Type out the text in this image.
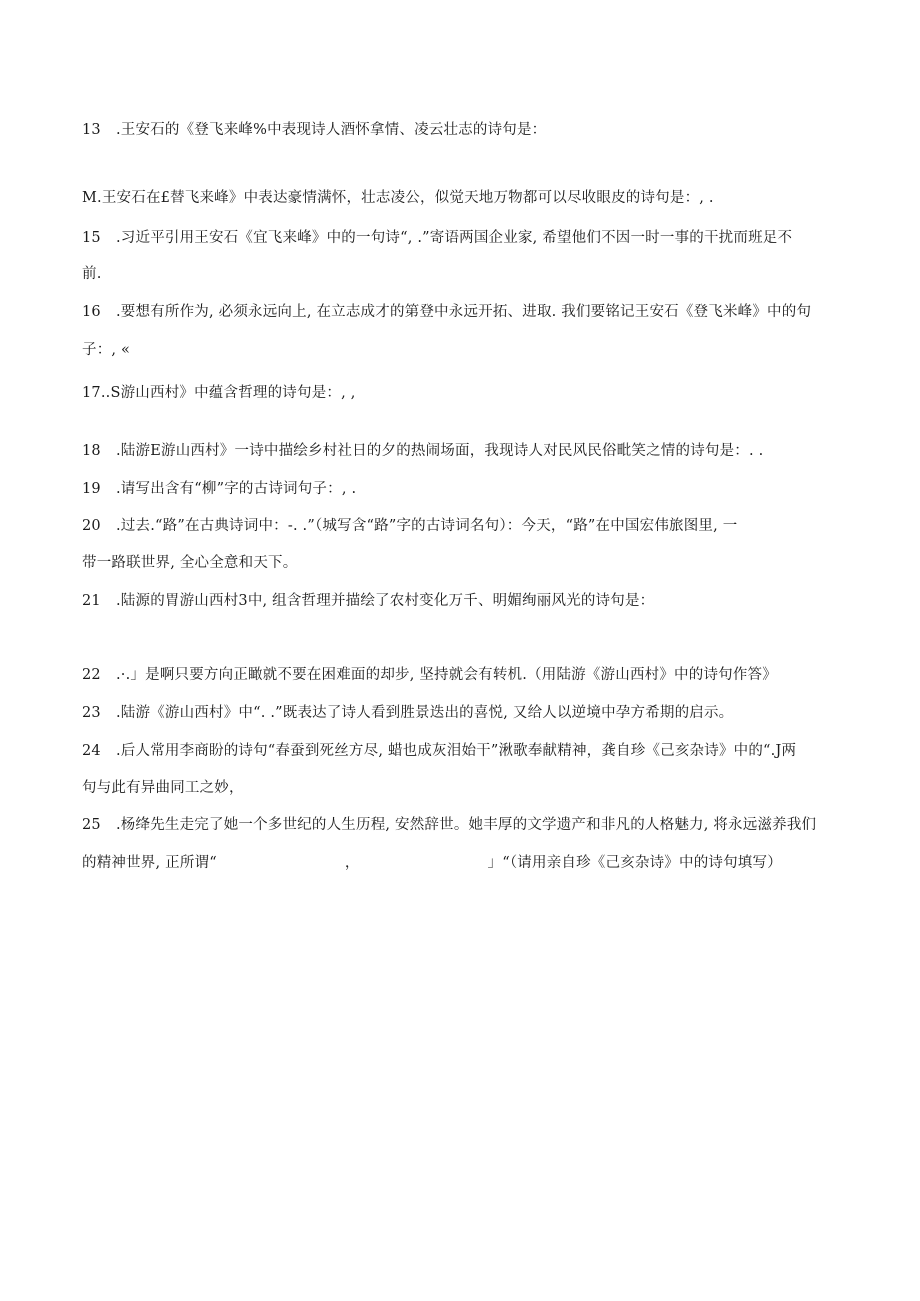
13 .王安石的《登飞来峰%中表现诗人酒怀拿情、凌云壮志的诗句是：
M.王安石在£替飞来峰》中表达豪情满怀，壮志凌公，似觉天地万物都可以尽收眼皮的诗句是：, .
15 .习近平引用王安石《宜飞来峰》中的一句诗“, .”寄语两国企业家, 希望他们不因一时一事的干扰而班足不
前.
16 .要想有所作为, 必须永远向上, 在立志成才的第登中永远开拓、进取. 我们要铭记王安石《登飞米峰》中的句
子：, «
17..S游山西村》中蕴含哲理的诗句是：, ,
18 .陆游E游山西村》一诗中描绘乡村社日的夕的热闹场面，我现诗人对民风民俗毗笑之情的诗句是：. .
19 .请写出含有“柳”字的古诗词句子：, .
20 .过去.“路”在古典诗词中：-. .”（城写含“路”字的古诗词名句）：今天，“路”在中国宏伟旅图里, 一
带一路联世界, 全心全意和天下。
21 .陆源的胃游山西村3中, 组含哲理并描绘了农村变化万千、明媚绚丽风光的诗句是：
22 .·.」是啊只要方向正瞰就不要在困难面的却步, 坚持就会有转机.（用陆游《游山西村》中的诗句作答》
23 .陆游《游山西村》中“. .”既表达了诗人看到胜景迭出的喜悦, 又给人以逆境中孕方希期的启示。
24 .后人常用李商盼的诗句“春蚕到死丝方尽, 蜡也成灰泪始干”湫歌奉献精神，龚自珍《己亥杂诗》中的“.J两
句与此有异曲同工之妙，
25 .杨绛先生走完了她一个多世纪的人生历程, 安然辞世。她丰厚的文学遗产和非凡的人格魅力, 将永远滋养我们
的精神世界, 正所谓“	，	」“（请用亲自珍《己亥杂诗》中的诗句填写）
